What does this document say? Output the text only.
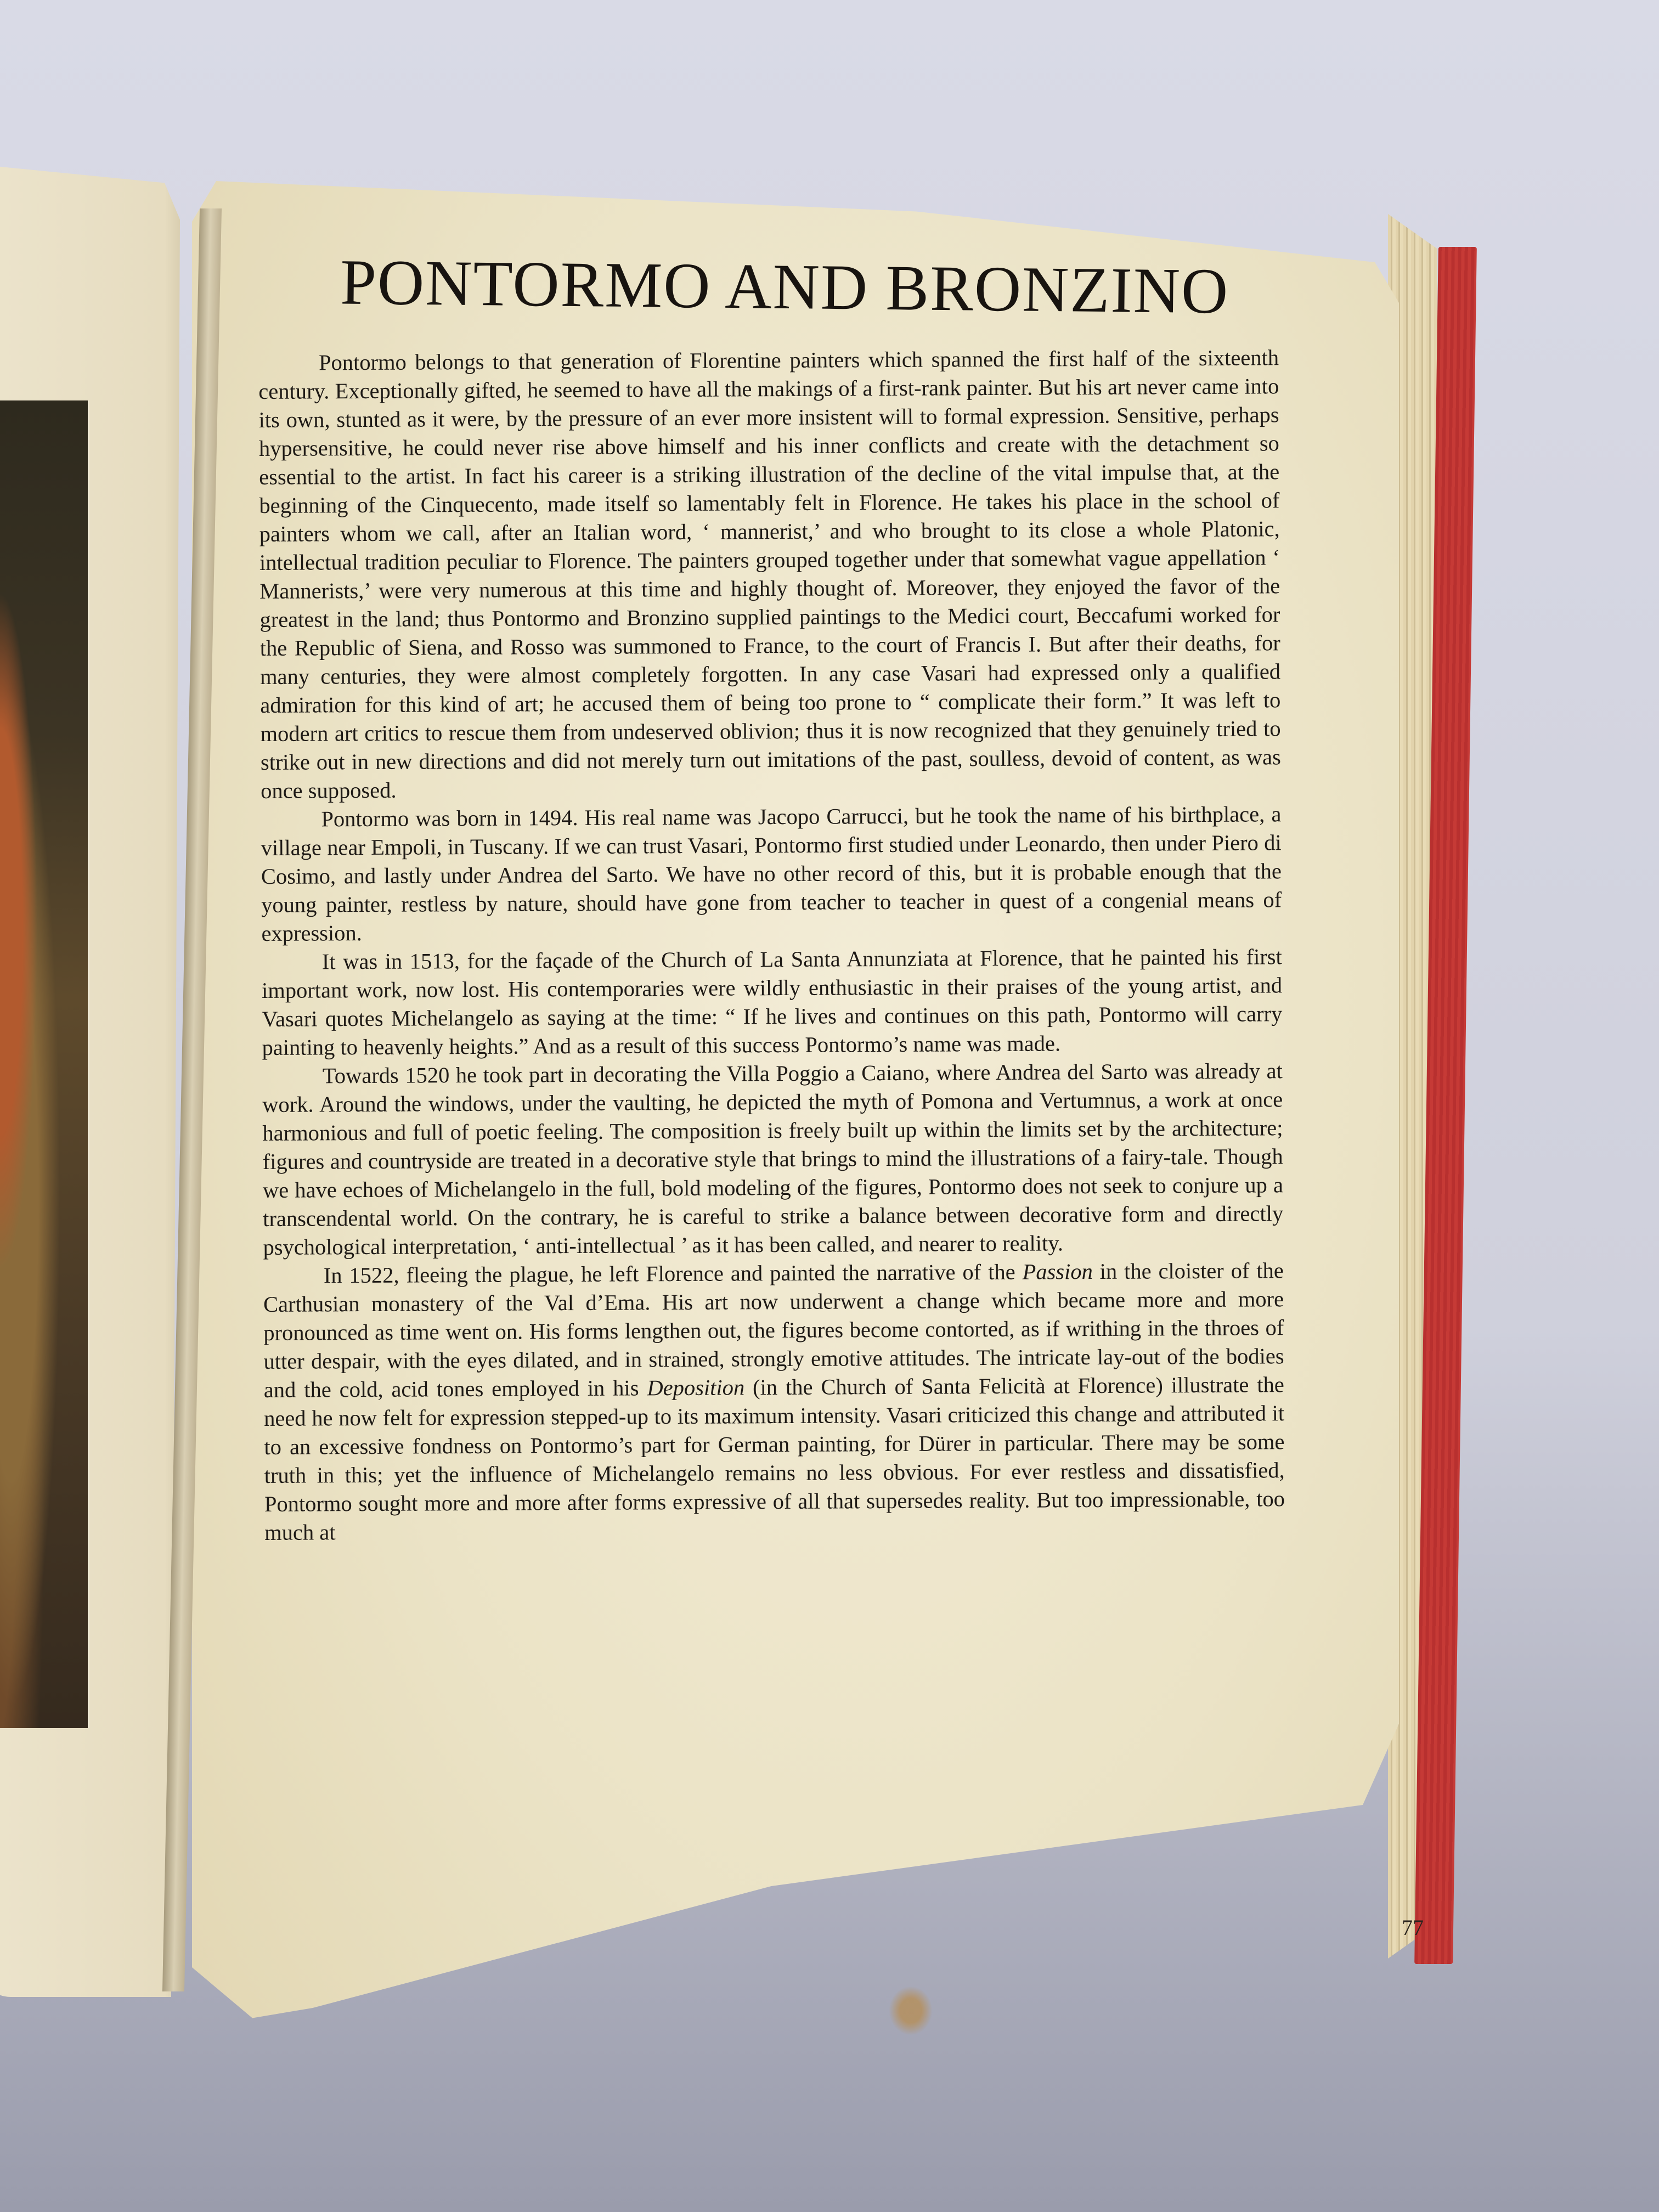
PONTORMO AND BRONZINO

Pontormo belongs to that generation of Florentine painters which spanned the first half of the sixteenth century. Exceptionally gifted, he seemed to have all the makings of a first-rank painter. But his art never came into its own, stunted as it were, by the pressure of an ever more insistent will to formal expression. Sensitive, perhaps hypersensitive, he could never rise above himself and his inner conflicts and create with the detachment so essential to the artist. In fact his career is a striking illustration of the decline of the vital impulse that, at the beginning of the Cinquecento, made itself so lamentably felt in Florence. He takes his place in the school of painters whom we call, after an Italian word, ‘ mannerist,’ and who brought to its close a whole Platonic, intellectual tradition peculiar to Florence. The painters grouped together under that somewhat vague appellation ‘ Mannerists,’ were very numerous at this time and highly thought of. Moreover, they enjoyed the favor of the greatest in the land; thus Pontormo and Bronzino supplied paintings to the Medici court, Beccafumi worked for the Republic of Siena, and Rosso was summoned to France, to the court of Francis I. But after their deaths, for many centuries, they were almost completely forgotten. In any case Vasari had expressed only a qualified admiration for this kind of art; he accused them of being too prone to “ complicate their form.” It was left to modern art critics to rescue them from undeserved oblivion; thus it is now recognized that they genuinely tried to strike out in new directions and did not merely turn out imitations of the past, soulless, devoid of content, as was once supposed.

Pontormo was born in 1494. His real name was Jacopo Carrucci, but he took the name of his birthplace, a village near Empoli, in Tuscany. If we can trust Vasari, Pontormo first studied under Leonardo, then under Piero di Cosimo, and lastly under Andrea del Sarto. We have no other record of this, but it is probable enough that the young painter, restless by nature, should have gone from teacher to teacher in quest of a congenial means of expression.

It was in 1513, for the façade of the Church of La Santa Annunziata at Florence, that he painted his first important work, now lost. His contemporaries were wildly enthusiastic in their praises of the young artist, and Vasari quotes Michelangelo as saying at the time: “ If he lives and continues on this path, Pontormo will carry painting to heavenly heights.” And as a result of this success Pontormo’s name was made.

Towards 1520 he took part in decorating the Villa Poggio a Caiano, where Andrea del Sarto was already at work. Around the windows, under the vaulting, he depicted the myth of Pomona and Vertumnus, a work at once harmonious and full of poetic feeling. The composition is freely built up within the limits set by the architecture; figures and countryside are treated in a decorative style that brings to mind the illustrations of a fairy-tale. Though we have echoes of Michelangelo in the full, bold modeling of the figures, Pontormo does not seek to conjure up a transcendental world. On the contrary, he is careful to strike a balance between decorative form and directly psychological interpretation, ‘ anti-intellectual ’ as it has been called, and nearer to reality.

In 1522, fleeing the plague, he left Florence and painted the narrative of the Passion in the cloister of the Carthusian monastery of the Val d’Ema. His art now underwent a change which became more and more pronounced as time went on. His forms lengthen out, the figures become contorted, as if writhing in the throes of utter despair, with the eyes dilated, and in strained, strongly emotive attitudes. The intricate lay-out of the bodies and the cold, acid tones employed in his Deposition (in the Church of Santa Felicità at Florence) illustrate the need he now felt for expression stepped-up to its maximum intensity. Vasari criticized this change and attributed it to an excessive fondness on Pontormo’s part for German painting, for Dürer in particular. There may be some truth in this; yet the influence of Michelangelo remains no less obvious. For ever restless and dissatisfied, Pontormo sought more and more after forms expressive of all that supersedes reality. But too impressionable, too much at

77
